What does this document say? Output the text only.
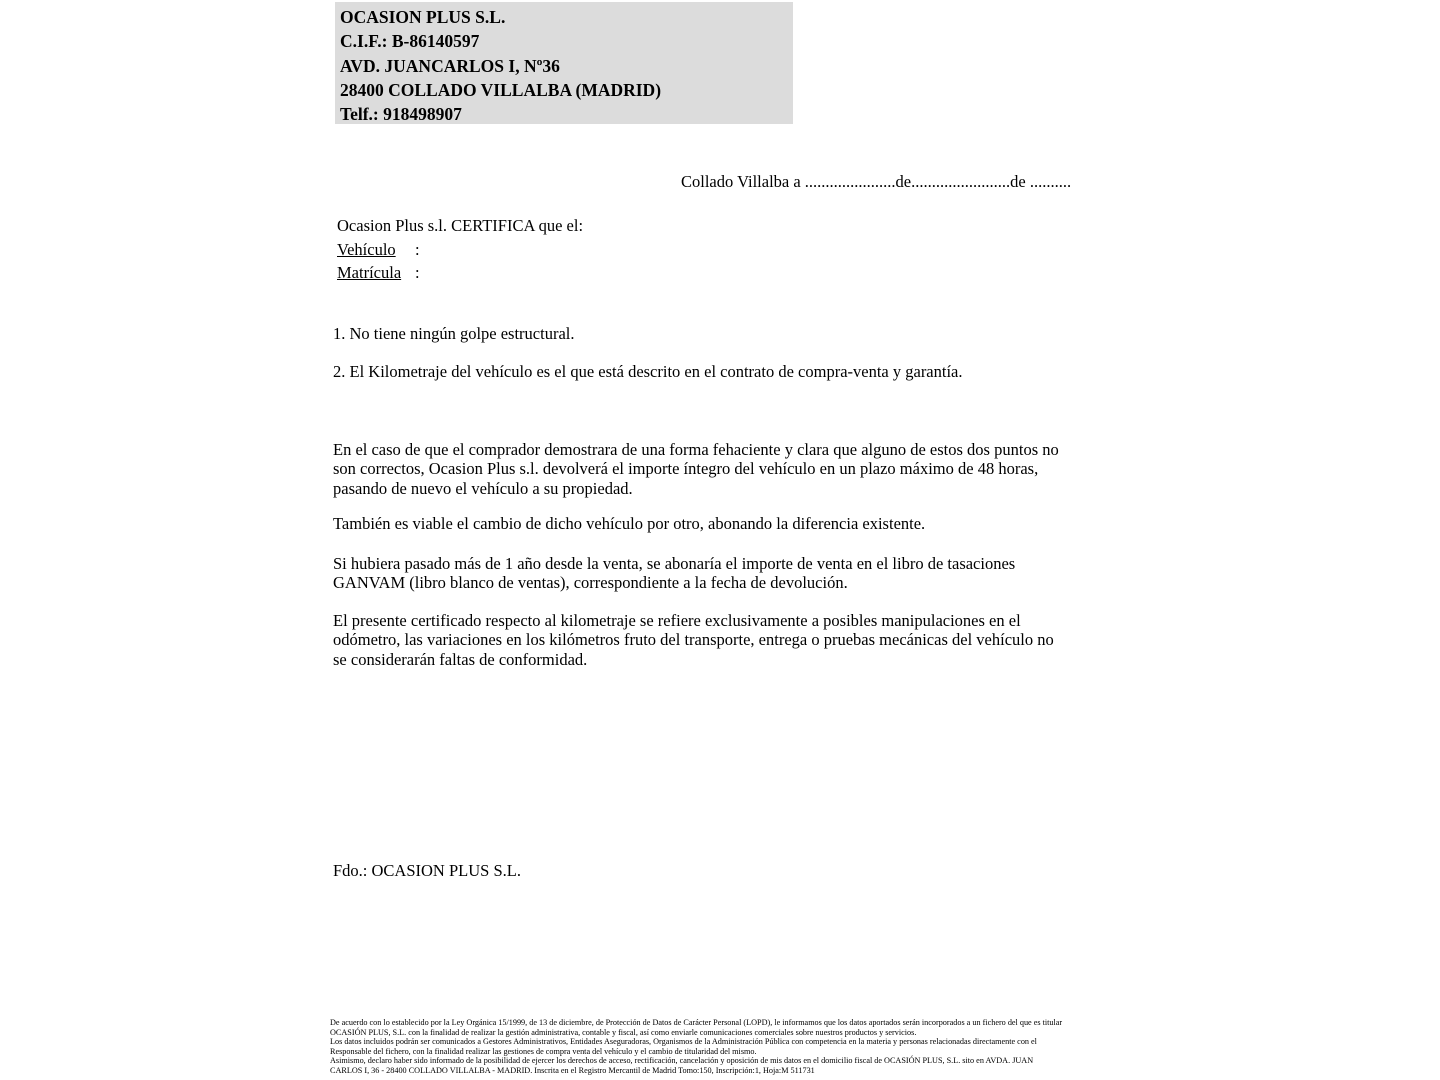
OCASION PLUS S.L.
C.I.F.: B-86140597
AVD. JUANCARLOS I, Nº36
28400 COLLADO VILLALBA (MADRID)
Telf.: 918498907
Collado Villalba a ......................de........................de ..........
Ocasion Plus s.l. CERTIFICA que el:
Vehículo :
Matrícula :
1. No tiene ningún golpe estructural.
2. El Kilometraje del vehículo es el que está descrito en el contrato de compra-venta y garantía.
En el caso de que el comprador demostrara de una forma fehaciente y clara que alguno de estos dos puntos no
son correctos, Ocasion Plus s.l. devolverá el importe íntegro del vehículo en un plazo máximo de 48 horas,
pasando de nuevo el vehículo a su propiedad.
También es viable el cambio de dicho vehículo por otro, abonando la diferencia existente.
Si hubiera pasado más de 1 año desde la venta, se abonaría el importe de venta en el libro de tasaciones
GANVAM (libro blanco de ventas), correspondiente a la fecha de devolución.
El presente certificado respecto al kilometraje se refiere exclusivamente a posibles manipulaciones en el
odómetro, las variaciones en los kilómetros fruto del transporte, entrega o pruebas mecánicas del vehículo no
se considerarán faltas de conformidad.
Fdo.: OCASION PLUS S.L.
De acuerdo con lo establecido por la Ley Orgánica 15/1999, de 13 de diciembre, de Protección de Datos de Carácter Personal (LOPD), le informamos que los datos aportados serán incorporados a un fichero del que es titular
OCASIÓN PLUS, S.L. con la finalidad de realizar la gestión administrativa, contable y fiscal, así como enviarle comunicaciones comerciales sobre nuestros productos y servicios.
Los datos incluidos podrán ser comunicados a Gestores Administrativos, Entidades Aseguradoras, Organismos de la Administración Pública con competencia en la materia y personas relacionadas directamente con el
Responsable del fichero, con la finalidad realizar las gestiones de compra venta del vehículo y el cambio de titularidad del mismo.
Asimismo, declaro haber sido informado de la posibilidad de ejercer los derechos de acceso, rectificación, cancelación y oposición de mis datos en el domicilio fiscal de OCASIÓN PLUS, S.L. sito en AVDA. JUAN
CARLOS I, 36 - 28400 COLLADO VILLALBA - MADRID. Inscrita en el Registro Mercantil de Madrid Tomo:150, Inscripción:1, Hoja:M 511731
